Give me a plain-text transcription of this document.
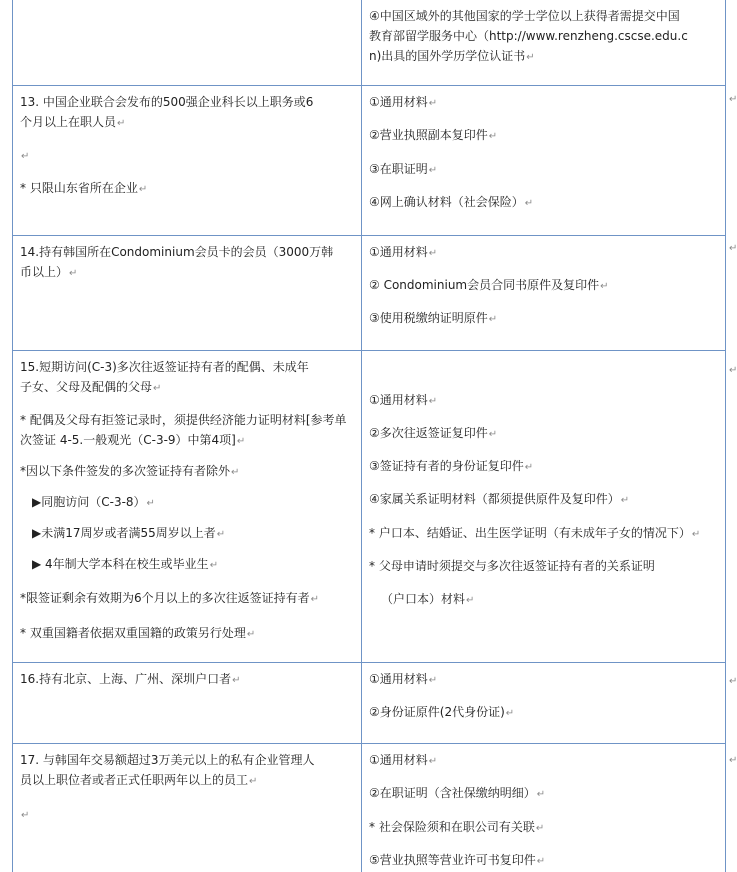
④中国区域外的其他国家的学士学位以上获得者需提交中国

教育部留学服务中心（http://www.renzheng.cscse.edu.c

n)出具的国外学历学位认证书↵

13. 中国企业联合会发布的500强企业科长以上职务或6

个月以上在职人员↵

↵

* 只限山东省所在企业↵

①通用材料↵

②营业执照副本复印件↵

③在职证明↵

④网上确认材料（社会保险）↵

↵

14.持有韩国所在Condominium会员卡的会员（3000万韩

币以上）↵

①通用材料↵

② Condominium会员合同书原件及复印件↵

③使用税缴纳证明原件↵

↵

15.短期访问(C-3)多次往返签证持有者的配偶、未成年

子女、父母及配偶的父母↵

* 配偶及父母有拒签记录时，须提供经济能力证明材料[参考单

次签证 4-5.一般观光（C-3-9）中第4项]↵

*因以下条件签发的多次签证持有者除外↵

▶同胞访问（C-3-8）↵

▶未满17周岁或者满55周岁以上者↵

▶ 4年制大学本科在校生或毕业生↵

*限签证剩余有效期为6个月以上的多次往返签证持有者↵

* 双重国籍者依据双重国籍的政策另行处理↵

①通用材料↵

②多次往返签证复印件↵

③签证持有者的身份证复印件↵

④家属关系证明材料（都须提供原件及复印件）↵

* 户口本、结婚证、出生医学证明（有未成年子女的情况下）↵

* 父母申请时须提交与多次往返签证持有者的关系证明

（户口本）材料↵

↵

16.持有北京、上海、广州、深圳户口者↵	①通用材料↵

②身份证原件(2代身份证)↵

↵

17. 与韩国年交易额超过3万美元以上的私有企业管理人

员以上职位者或者正式任职两年以上的员工↵

↵

①通用材料↵

②在职证明（含社保缴纳明细）↵

* 社会保险须和在职公司有关联↵

⑤营业执照等营业许可书复印件↵

↵
